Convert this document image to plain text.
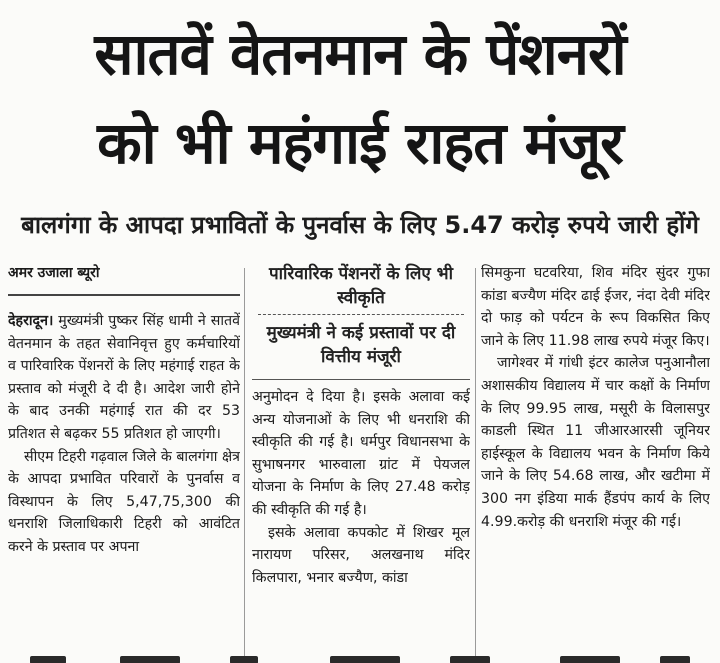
सातवें वेतनमान के पेंशनरों
को भी महंगाई राहत मंजूर
बालगंगा के आपदा प्रभावितों के पुनर्वास के लिए 5.47 करोड़ रुपये जारी होंगे
अमर उजाला ब्यूरो

देहरादून। मुख्यमंत्री पुष्कर सिंह धामी ने सातवें वेतनमान के तहत सेवानिवृत्त हुए कर्मचारियों व पारिवारिक पेंशनरों के लिए महंगाई राहत के प्रस्ताव को मंजूरी दे दी है। आदेश जारी होने के बाद उनकी महंगाई रात की दर 53 प्रतिशत से बढ़कर 55 प्रतिशत हो जाएगी।

सीएम टिहरी गढ़वाल जिले के बालगंगा क्षेत्र के आपदा प्रभावित परिवारों के पुनर्वास व विस्थापन के लिए 5,47,75,300 की धनराशि जिलाधिकारी टिहरी को आवंटित करने के प्रस्ताव पर अपना

पारिवारिक पेंशनरों के लिए भी स्वीकृति
मुख्यमंत्री ने कई प्रस्तावों पर दी वित्तीय मंजूरी

अनुमोदन दे दिया है। इसके अलावा कई अन्य योजनाओं के लिए भी धनराशि की स्वीकृति की गई है। धर्मपुर विधानसभा के सुभाषनगर भारुवाला ग्रांट में पेयजल योजना के निर्माण के लिए 27.48 करोड़ की स्वीकृति की गई है।

इसके अलावा कपकोट में शिखर मूल नारायण परिसर, अलखनाथ मंदिर किलपारा, भनार बज्यैण, कांडा

सिमकुना घटवरिया, शिव मंदिर सुंदर गुफा कांडा बज्यैण मंदिर ढाई ईजर, नंदा देवी मंदिर दो फाड़ को पर्यटन के रूप विकसित किए जाने के लिए 11.98 लाख रुपये मंजूर किए।

जागेश्वर में गांधी इंटर कालेज पनुआनौला अशासकीय विद्यालय में चार कक्षों के निर्माण के लिए 99.95 लाख, मसूरी के विलासपुर काडली स्थित 11 जीआरआरसी जूनियर हाईस्कूल के विद्यालय भवन के निर्माण किये जाने के लिए 54.68 लाख, और खटीमा में 300 नग इंडिया मार्क हैंडपंप कार्य के लिए 4.99.करोड़ की धनराशि मंजूर की गई।
